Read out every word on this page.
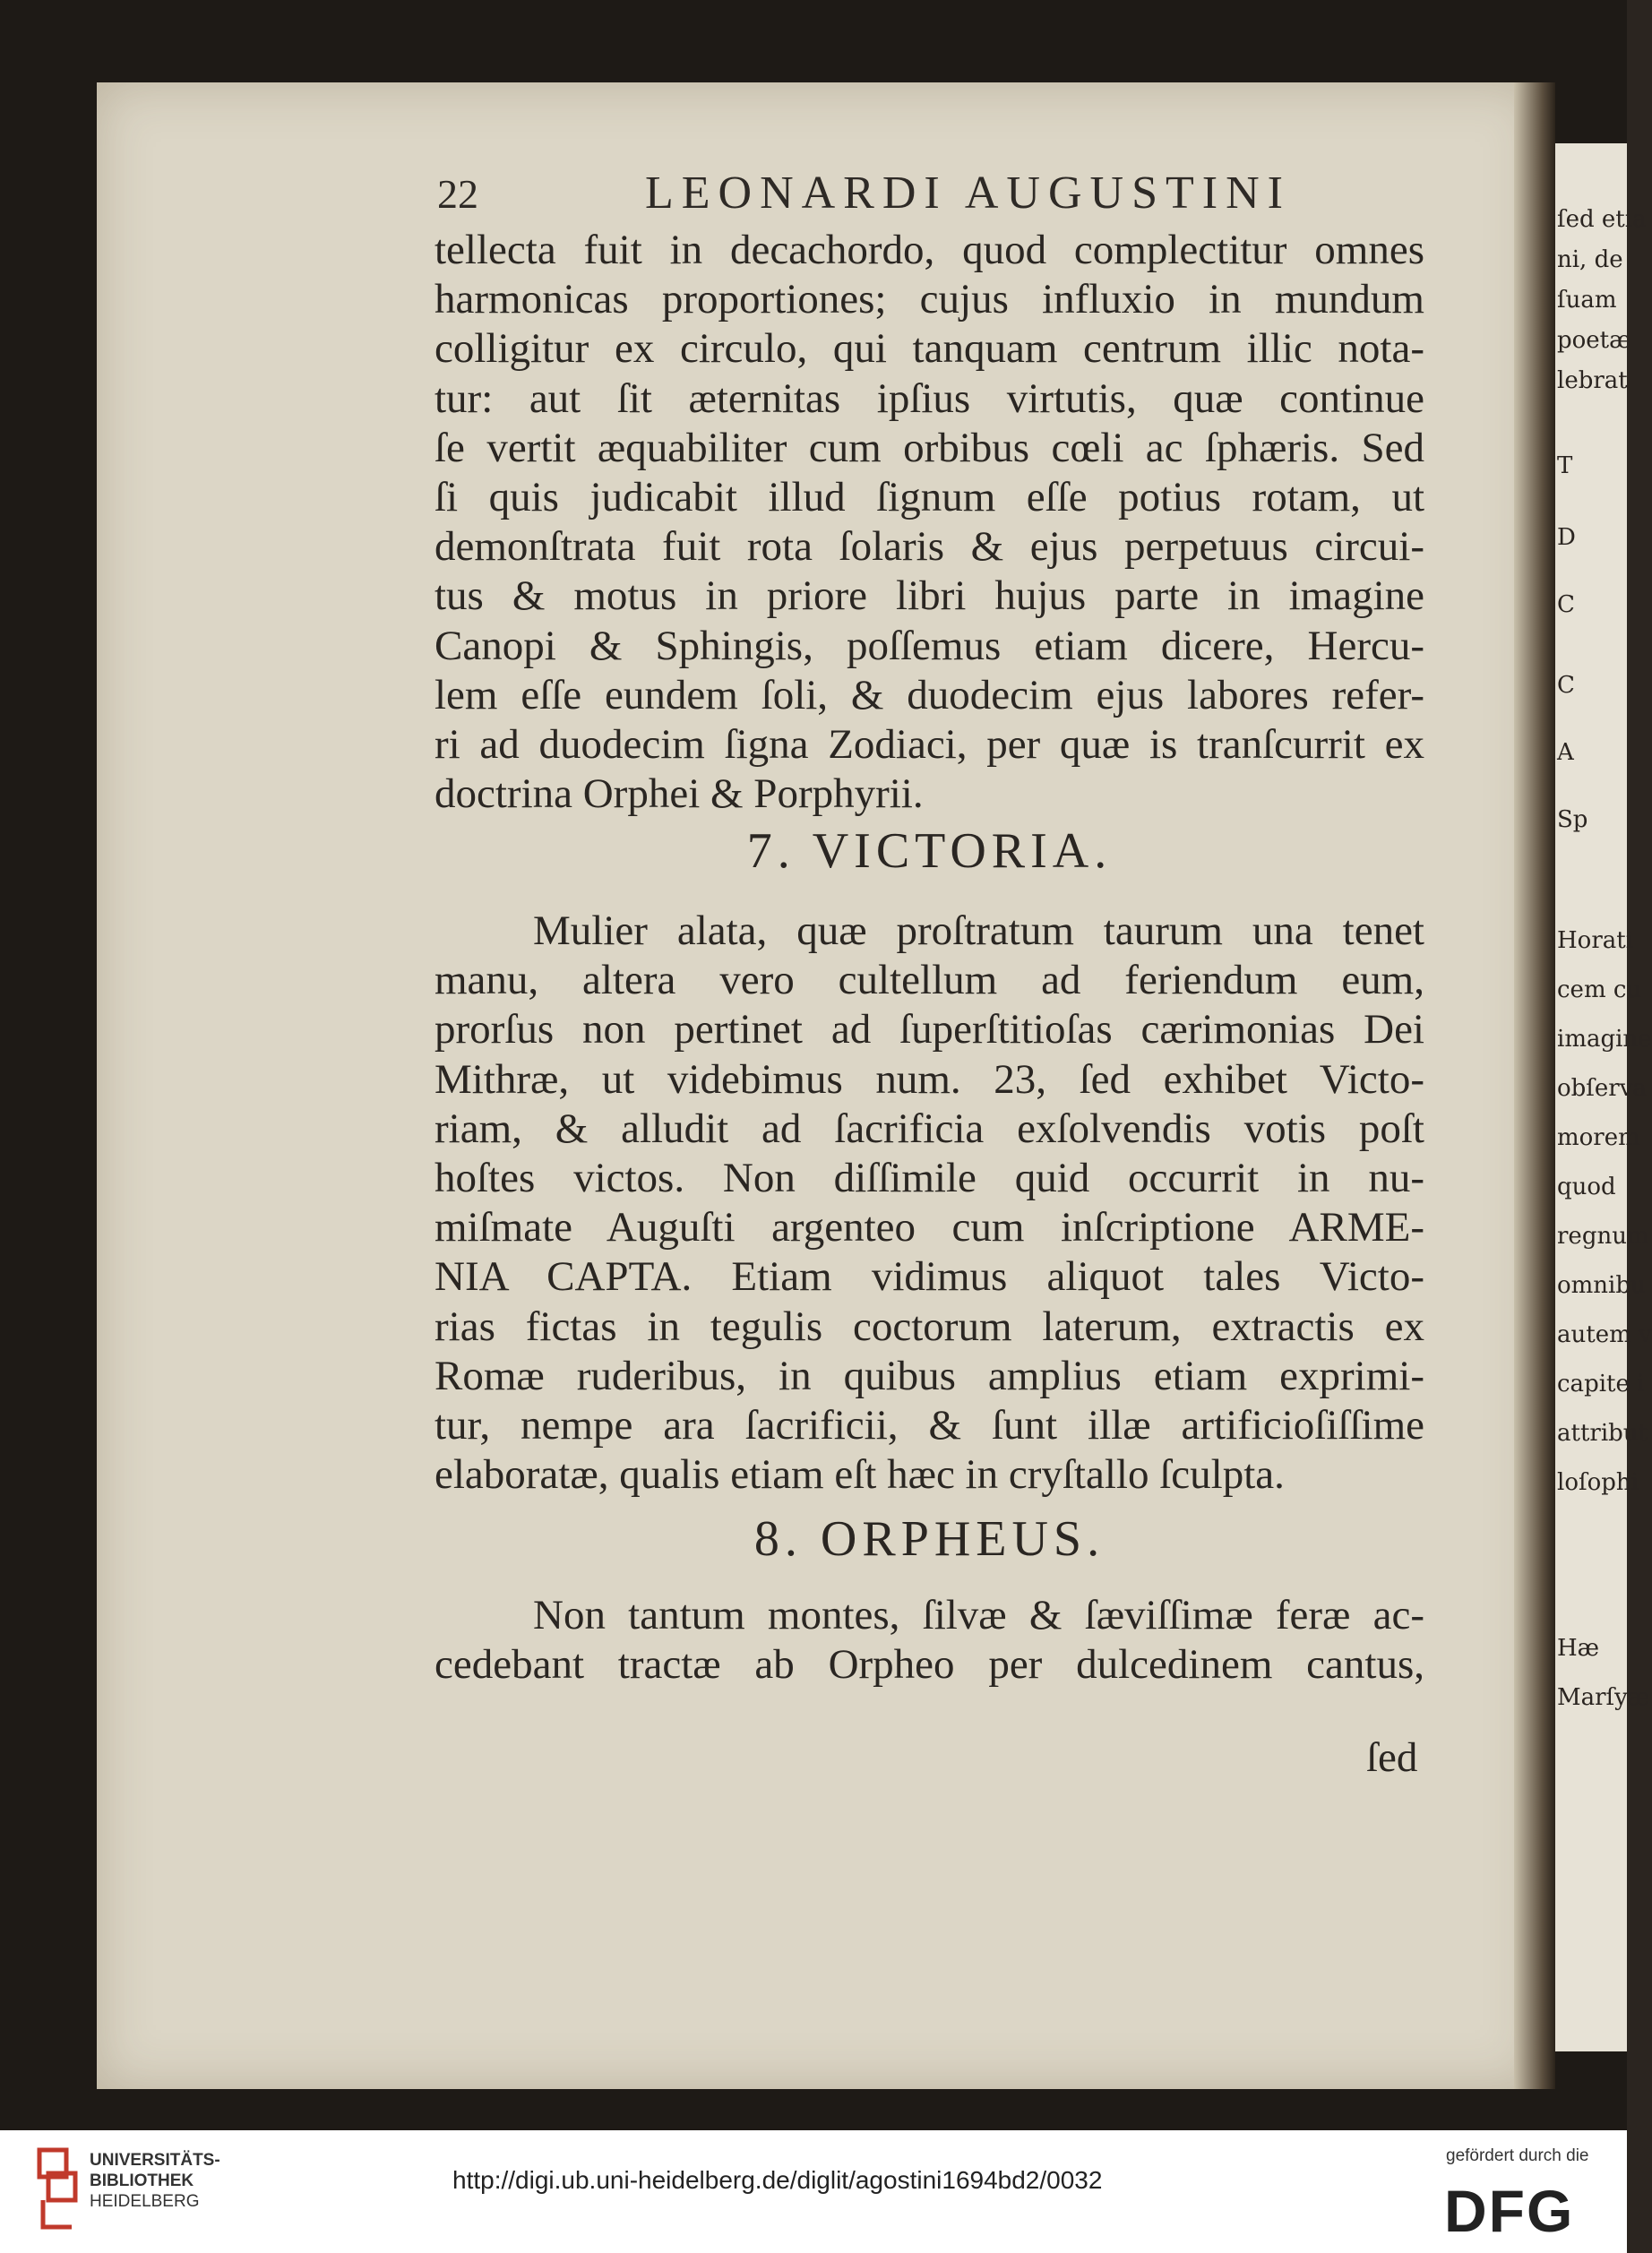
ſed etia
ni, de
ſuam
poetæ
lebrat
T
D
C
C
A
Sp
Horati
cem cu
imagine
obſerva
morem
quod
regnum
omnibu
autem v
capite i
attribut
loſophi
Hæ
Marſyæ
22	LEONARDI AUGUSTINI
tellecta fuit in decachordo, quod complectitur omnes
harmonicas proportiones; cujus influxio in mundum
colligitur ex circulo, qui tanquam centrum illic nota-
tur: aut ſit æternitas ipſius virtutis, quæ continue
ſe vertit æquabiliter cum orbibus cœli ac ſphæris. Sed
ſi quis judicabit illud ſignum eſſe potius rotam, ut
demonſtrata fuit rota ſolaris & ejus perpetuus circui-
tus & motus in priore libri hujus parte in imagine
Canopi & Sphingis, poſſemus etiam dicere, Hercu-
lem eſſe eundem ſoli, & duodecim ejus labores refer-
ri ad duodecim ſigna Zodiaci, per quæ is tranſcurrit ex
doctrina Orphei & Porphyrii.
7. VICTORIA.
Mulier alata, quæ proſtratum taurum una tenet
manu, altera vero cultellum ad feriendum eum,
prorſus non pertinet ad ſuperſtitioſas cærimonias Dei
Mithræ, ut videbimus num. 23, ſed exhibet Victo-
riam, & alludit ad ſacrificia exſolvendis votis poſt
hoſtes victos. Non diſſimile quid occurrit in nu-
miſmate Auguſti argenteo cum inſcriptione ARME-
NIA CAPTA. Etiam vidimus aliquot tales Victo-
rias fictas in tegulis coctorum laterum, extractis ex
Romæ ruderibus, in quibus amplius etiam exprimi-
tur, nempe ara ſacrificii, & ſunt illæ artificioſiſſime
elaboratæ, qualis etiam eſt hæc in cryſtallo ſculpta.
8. ORPHEUS.
Non tantum montes, ſilvæ & ſæviſſimæ feræ ac-
cedebant tractæ ab Orpheo per dulcedinem cantus,
ſed
UNIVERSITÄTS-
BIBLIOTHEK
HEIDELBERG
http://digi.ub.uni-heidelberg.de/diglit/agostini1694bd2/0032
gefördert durch die
DFG
